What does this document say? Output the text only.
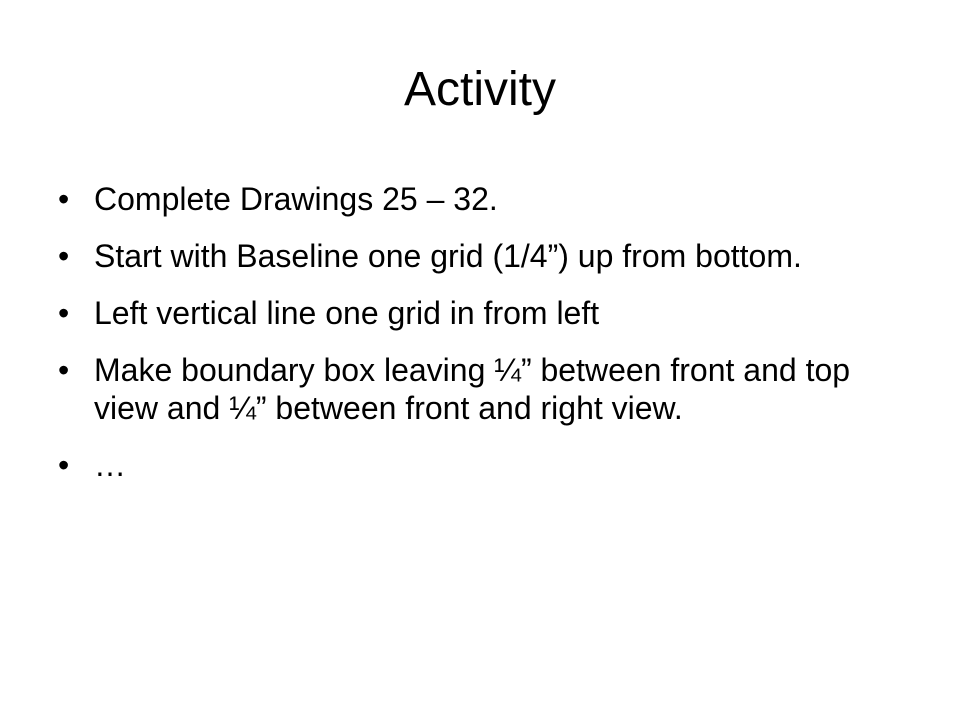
Activity
• Complete Drawings 25 – 32.
• Start with Baseline one grid (1/4”) up from bottom.
• Left vertical line one grid in from left
• Make boundary box leaving ¼” between front and top view and ¼” between front and right view.
• …
